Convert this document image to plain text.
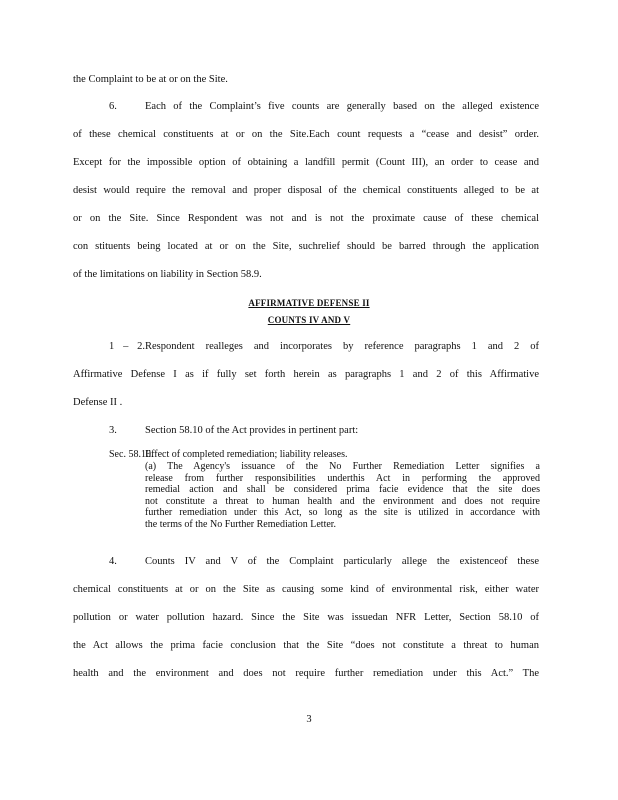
the Complaint to be at or on the Site.
6.	Each of the Complaint’s five counts are generally based on the alleged existence
of these chemical constituents at or on the Site.Each count requests a “cease and desist” order.
Except for the impossible option of obtaining a landfill permit (Count III), an order to cease and
desist would require the removal and proper disposal of the chemical constituents alleged to be at
or on the Site. Since Respondent was not and is not the proximate cause of these chemical
con stituents being located at or on the Site, suchrelief should be barred through the application
of the limitations on liability in Section 58.9.
AFFIRMATIVE DEFENSE II
COUNTS IV AND V
1 – 2.Respondent realleges and incorporates by reference paragraphs 1 and 2 of
Affirmative Defense I as if fully set forth herein as paragraphs 1 and 2 of this Affirmative
Defense II .
3.	Section 58.10 of the Act provides in pertinent part:
Sec. 58.10.
Effect of completed remediation; liability releases.
(a) The Agency's issuance of the No Further Remediation Letter signifies a
release from further responsibilities underthis Act in performing the approved
remedial action and shall be considered prima facie evidence that the site does
not constitute a threat to human health and the environment and does not require
further remediation under this Act, so long as the site is utilized in accordance with
the terms of the No Further Remediation Letter.
4.	Counts IV and V of the Complaint particularly allege the existenceof these
chemical constituents at or on the Site as causing some kind of environmental risk, either water
pollution or water pollution hazard. Since the Site was issuedan NFR Letter, Section 58.10 of
the Act allows the prima facie conclusion that the Site “does not constitute a threat to human
health and the environment and does not require further remediation under this Act.” The
3
